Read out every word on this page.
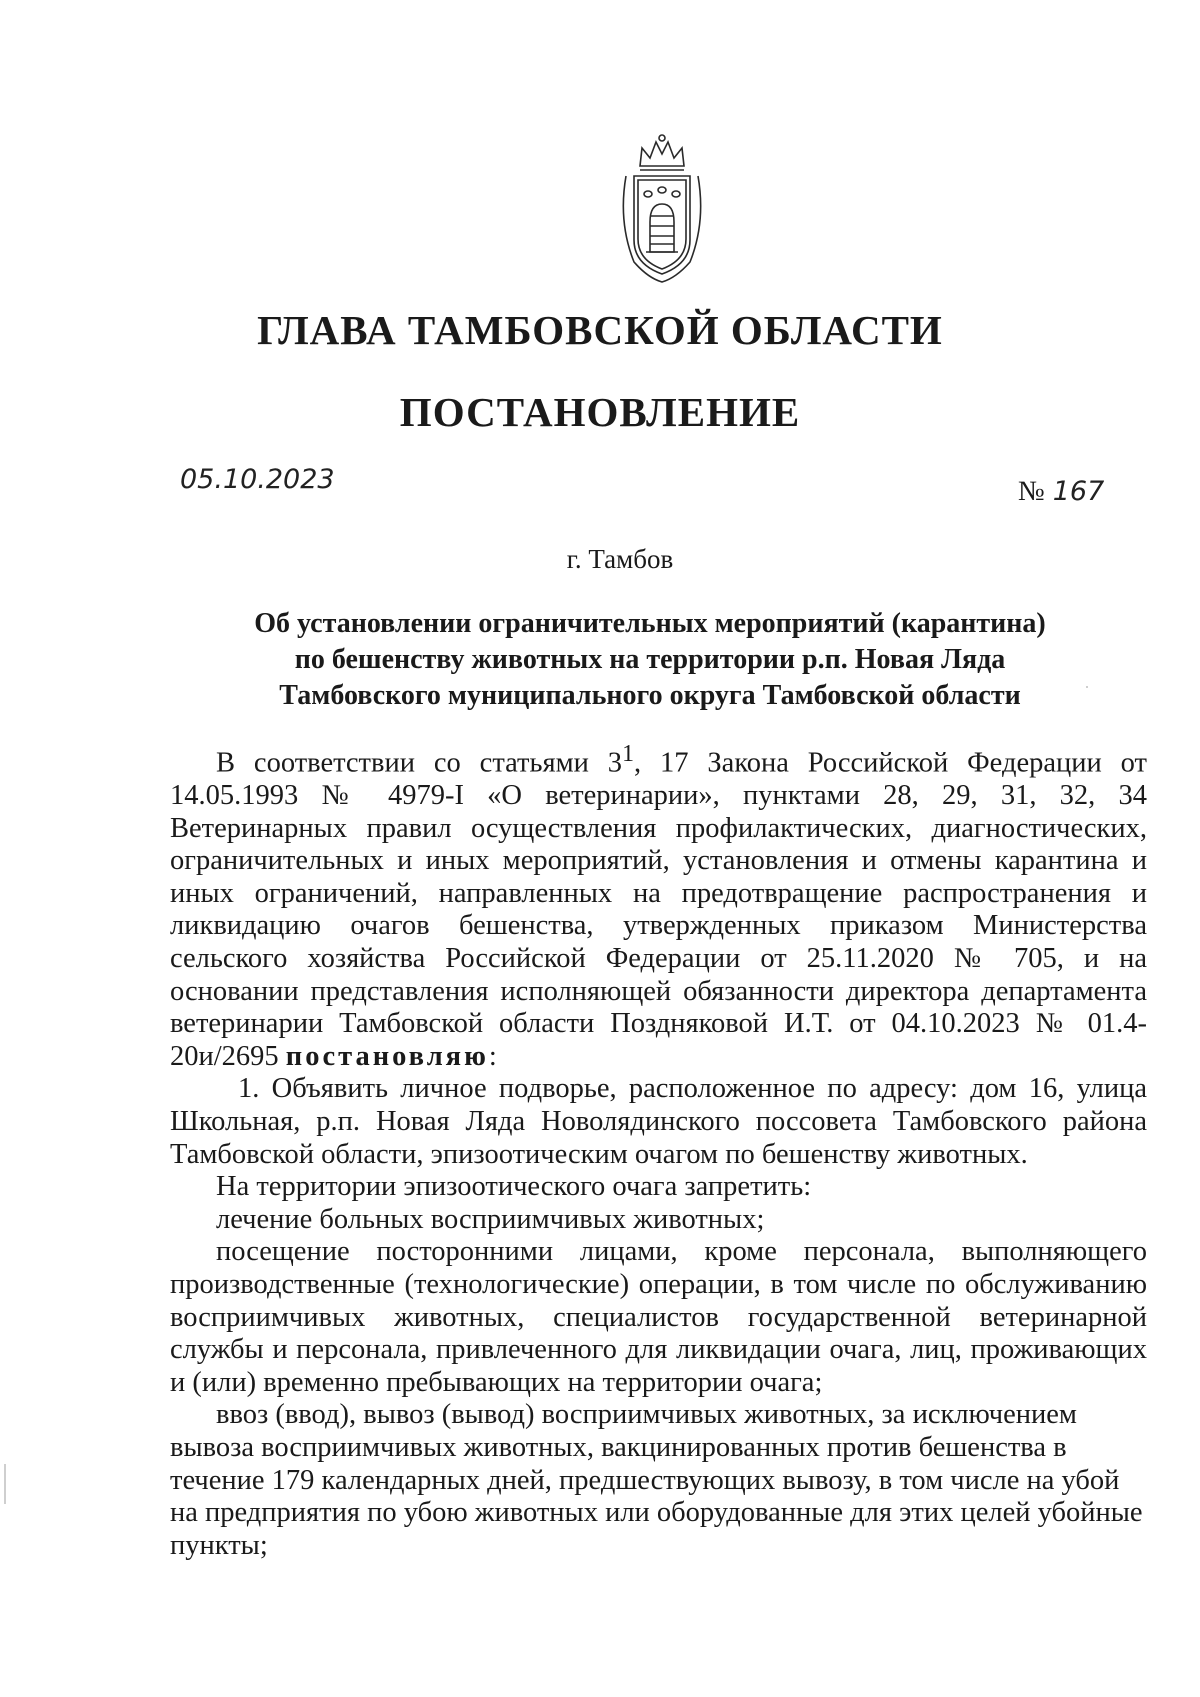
ГЛАВА ТАМБОВСКОЙ ОБЛАСТИ
ПОСТАНОВЛЕНИЕ
05.10.2023	№ 167
г. Тамбов
Об установлении ограничительных мероприятий (карантина)
по бешенству животных на территории р.п. Новая Ляда
Тамбовского муниципального округа Тамбовской области

В соответствии со статьями $3^1$, 17 Закона Российской Федерации от 14.05.1993 № 4979-I «О ветеринарии», пунктами 28, 29, 31, 32, 34 Ветеринарных правил осуществления профилактических, диагностических, ограничительных и иных мероприятий, установления и отмены карантина и иных ограничений, направленных на предотвращение распространения и ликвидацию очагов бешенства, утвержденных приказом Министерства сельского хозяйства Российской Федерации от 25.11.2020 № 705, и на основании представления исполняющей обязанности директора департамента ветеринарии Тамбовской области Поздняковой И.Т. от 04.10.2023 № 01.4-20и/2695 постановляю:

1. Объявить личное подворье, расположенное по адресу: дом 16, улица Школьная, р.п. Новая Ляда Новолядинского поссовета Тамбовского района Тамбовской области, эпизоотическим очагом по бешенству животных.

На территории эпизоотического очага запретить:

лечение больных восприимчивых животных;

посещение посторонними лицами, кроме персонала, выполняющего производственные (технологические) операции, в том числе по обслуживанию восприимчивых животных, специалистов государственной ветеринарной службы и персонала, привлеченного для ликвидации очага, лиц, проживающих и (или) временно пребывающих на территории очага;

ввоз (ввод), вывоз (вывод) восприимчивых животных, за исключением вывоза восприимчивых животных, вакцинированных против бешенства в течение 179 календарных дней, предшествующих вывозу, в том числе на убой на предприятия по убою животных или оборудованные для этих целей убойные пункты;
